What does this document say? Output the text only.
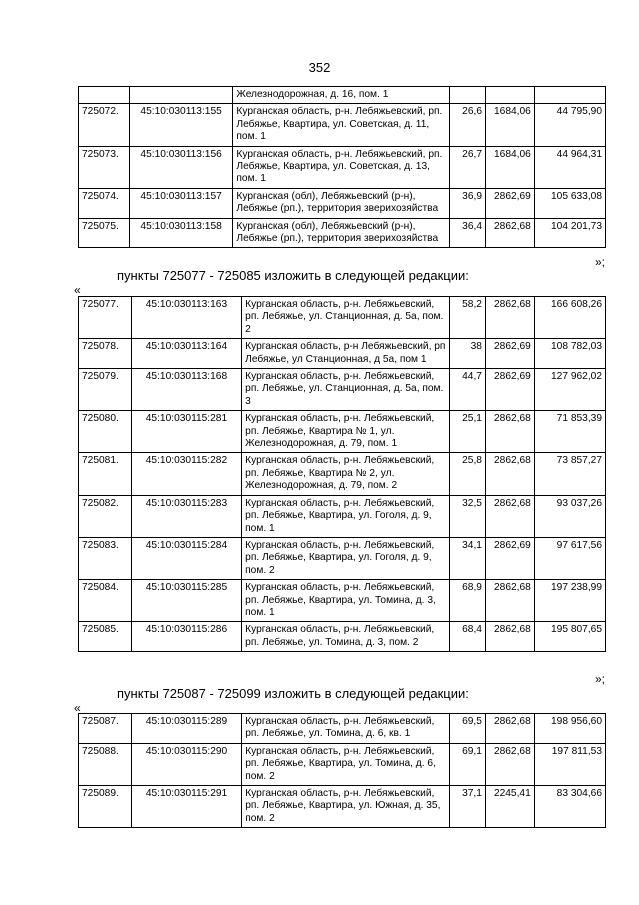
352
		Железнодорожная, д. 16, пом. 1			
725072.	45:10:030113:155	Курганская область, р-н. Лебяжьевский, рп. Лебяжье, Квартира, ул. Советская, д. 11, пом. 1	26,6	1684,06	44 795,90
725073.	45:10:030113:156	Курганская область, р-н. Лебяжьевский, рп. Лебяжье, Квартира, ул. Советская, д. 13, пом. 1	26,7	1684,06	44 964,31
725074.	45:10:030113:157	Курганская (обл), Лебяжьевский (р-н), Лебяжье (рп.), территория зверихозяйства	36,9	2862,69	105 633,08
725075.	45:10:030113:158	Курганская (обл), Лебяжьевский (р-н), Лебяжье (рп.), территория зверихозяйства	36,4	2862,68	104 201,73
»;
пункты 725077 - 725085 изложить в следующей редакции:
«
725077.	45:10:030113:163	Курганская область, р-н. Лебяжьевский, рп. Лебяжье, ул. Станционная, д. 5а, пом. 2	58,2	2862,68	166 608,26
725078.	45:10:030113:164	Курганская область, р-н Лебяжьевский, рп Лебяжье, ул Станционная, д 5а, пом 1	38	2862,69	108 782,03
725079.	45:10:030113:168	Курганская область, р-н. Лебяжьевский, рп. Лебяжье, ул. Станционная, д. 5а, пом. 3	44,7	2862,69	127 962,02
725080.	45:10:030115:281	Курганская область, р-н. Лебяжьевский, рп. Лебяжье, Квартира № 1, ул. Железнодорожная, д. 79, пом. 1	25,1	2862,68	71 853,39
725081.	45:10:030115:282	Курганская область, р-н. Лебяжьевский, рп. Лебяжье, Квартира № 2, ул. Железнодорожная, д. 79, пом. 2	25,8	2862,68	73 857,27
725082.	45:10:030115:283	Курганская область, р-н. Лебяжьевский, рп. Лебяжье, Квартира, ул. Гоголя, д. 9, пом. 1	32,5	2862,68	93 037,26
725083.	45:10:030115:284	Курганская область, р-н. Лебяжьевский, рп. Лебяжье, Квартира, ул. Гоголя, д. 9, пом. 2	34,1	2862,69	97 617,56
725084.	45:10:030115:285	Курганская область, р-н. Лебяжьевский, рп. Лебяжье, Квартира, ул. Томина, д. 3, пом. 1	68,9	2862,68	197 238,99
725085.	45:10:030115:286	Курганская область, р-н. Лебяжьевский, рп. Лебяжье, ул. Томина, д. 3, пом. 2	68,4	2862,68	195 807,65
»;
пункты 725087 - 725099 изложить в следующей редакции:
«
725087.	45:10:030115:289	Курганская область, р-н. Лебяжьевский, рп. Лебяжье, ул. Томина, д. 6, кв. 1	69,5	2862,68	198 956,60
725088.	45:10:030115:290	Курганская область, р-н. Лебяжьевский, рп. Лебяжье, Квартира, ул. Томина, д. 6, пом. 2	69,1	2862,68	197 811,53
725089.	45:10:030115:291	Курганская область, р-н. Лебяжьевский, рп. Лебяжье, Квартира, ул. Южная, д. 35, пом. 2	37,1	2245,41	83 304,66
